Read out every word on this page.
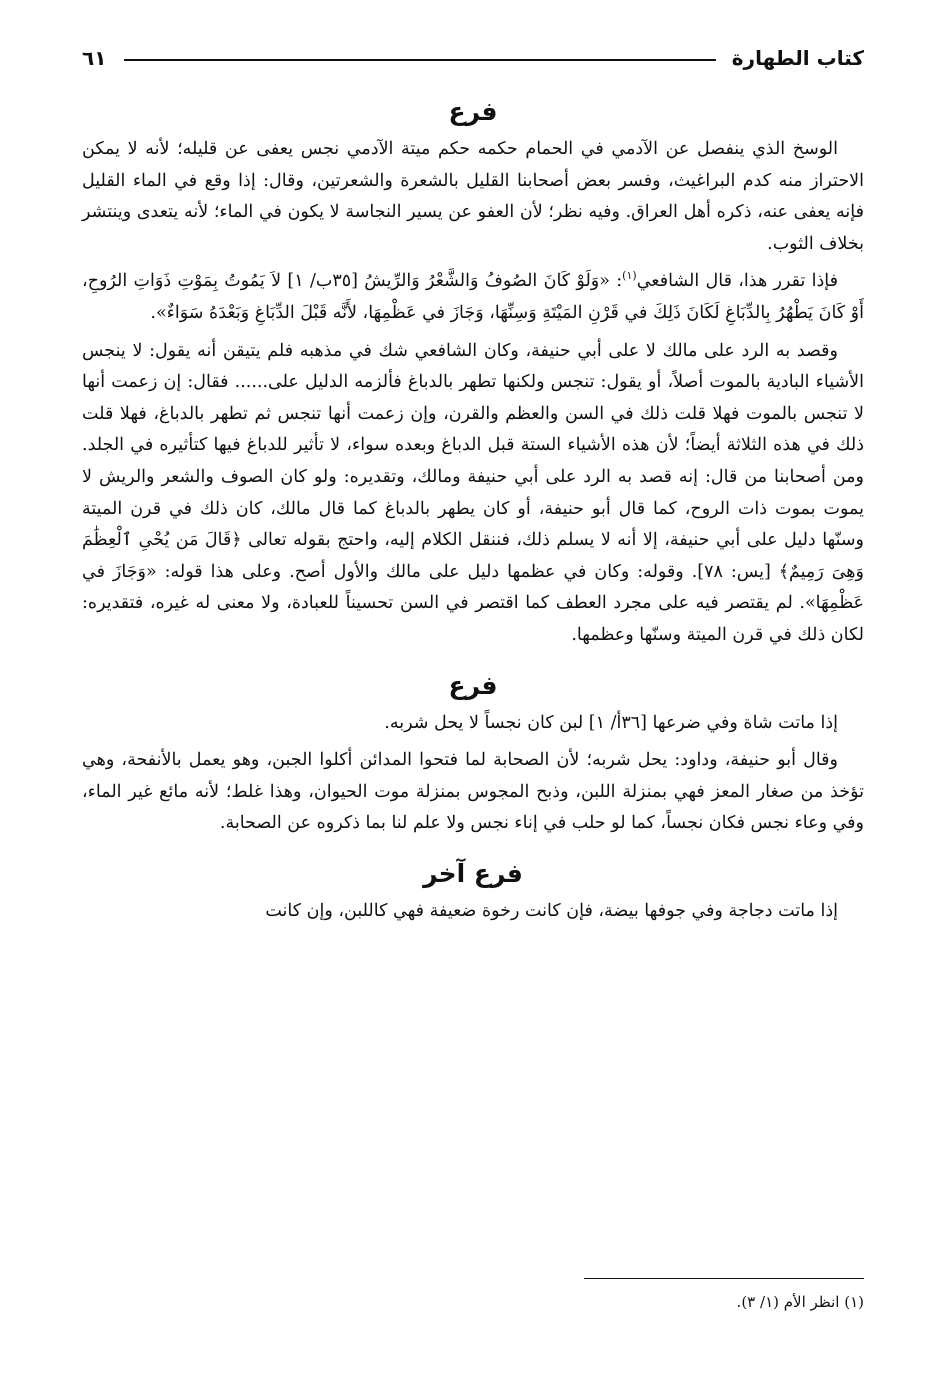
كتاب الطهارة
٦١
فرع

الوسخ الذي ينفصل عن الآدمي في الحمام حكمه حكم ميتة الآدمي نجس يعفى عن قليله؛ لأنه لا يمكن الاحتراز منه كدم البراغيث، وفسر بعض أصحابنا القليل بالشعرة والشعرتين، وقال: إذا وقع في الماء القليل فإنه يعفى عنه، ذكره أهل العراق. وفيه نظر؛ لأن العفو عن يسير النجاسة لا يكون في الماء؛ لأنه يتعدى وينتشر بخلاف الثوب.

فإذا تقرر هذا، قال الشافعي$^{(١)}$: «وَلَوْ كَانَ الصُوفُ وَالشَّعْرُ وَالرِّيشُ [٣٥ب/ ١] لاَ يَمُوتُ بِمَوْتِ ذَوَاتِ الرُوحِ، أَوْ كَانَ يَطْهُرُ بِالدِّبَاغِ لَكَانَ ذَلِكَ في قَرْنِ المَيْتَةِ وَسِنِّهَا، وَجَازَ في عَظْمِهَا، لأَنَّه قَبْلَ الدِّبَاغِ وَبَعْدَهُ سَوَاءٌ».

وقصد به الرد على مالك لا على أبي حنيفة، وكان الشافعي شك في مذهبه فلم يتيقن أنه يقول: لا ينجس الأشياء البادية بالموت أصلاً، أو يقول: تنجس ولكنها تطهر بالدباغ فألزمه الدليل على...... فقال: إن زعمت أنها لا تنجس بالموت فهلا قلت ذلك في السن والعظم والقرن، وإن زعمت أنها تنجس ثم تطهر بالدباغ، فهلا قلت ذلك في هذه الثلاثة أيضاً؛ لأن هذه الأشياء الستة قبل الدباغ وبعده سواء، لا تأثير للدباغ فيها كتأثيره في الجلد. ومن أصحابنا من قال: إنه قصد به الرد على أبي حنيفة ومالك، وتقديره: ولو كان الصوف والشعر والريش لا يموت بموت ذات الروح، كما قال أبو حنيفة، أو كان يطهر بالدباغ كما قال مالك، كان ذلك في قرن الميتة وسنّها دليل على أبي حنيفة، إلا أنه لا يسلم ذلك، فننقل الكلام إليه، واحتج بقوله تعالى ﴿قَالَ مَن يُحْىِ ٱلْعِظَٰمَ وَهِىَ رَمِيمٌ﴾ [يس: ٧٨]. وقوله: وكان في عظمها دليل على مالك والأول أصح. وعلى هذا قوله: «وَجَازَ في عَظْمِهَا». لم يقتصر فيه على مجرد العطف كما اقتصر في السن تحسيناً للعبادة، ولا معنى له غيره، فتقديره: لكان ذلك في قرن الميتة وسنّها وعظمها.

فرع

إذا ماتت شاة وفي ضرعها [٣٦أ/ ١] لبن كان نجساً لا يحل شربه.

وقال أبو حنيفة، وداود: يحل شربه؛ لأن الصحابة لما فتحوا المدائن أكلوا الجبن، وهو يعمل بالأنفحة، وهي تؤخذ من صغار المعز فهي بمنزلة اللبن، وذبح المجوس بمنزلة موت الحيوان، وهذا غلط؛ لأنه مائع غير الماء، وفي وعاء نجس فكان نجساً، كما لو حلب في إناء نجس ولا علم لنا بما ذكروه عن الصحابة.

فرع آخر

إذا ماتت دجاجة وفي جوفها بيضة، فإن كانت رخوة ضعيفة فهي كاللبن، وإن كانت

(١) انظر الأم (١/ ٣).
